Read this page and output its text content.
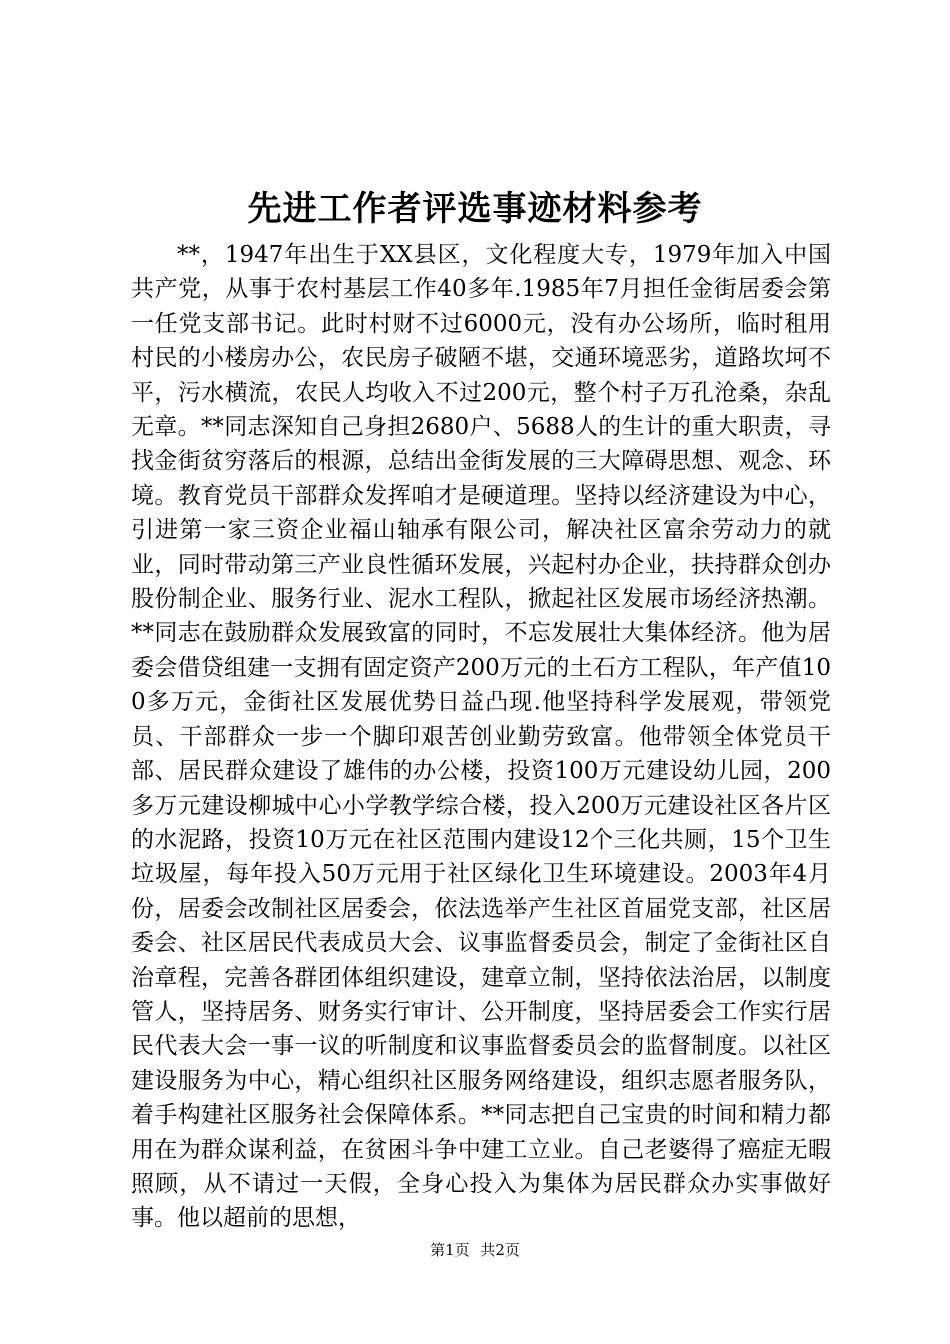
先进工作者评选事迹材料参考

**，1947年出生于XX县区，文化程度大专，1979年加入中国共产党，从事于农村基层工作40多年.1985年7月担任金街居委会第一任党支部书记。此时村财不过6000元，没有办公场所，临时租用村民的小楼房办公，农民房子破陋不堪，交通环境恶劣，道路坎坷不平，污水横流，农民人均收入不过200元，整个村子万孔沧桑，杂乱无章。**同志深知自己身担2680户、5688人的生计的重大职责，寻找金街贫穷落后的根源，总结出金街发展的三大障碍思想、观念、环境。教育党员干部群众发挥咱才是硬道理。坚持以经济建设为中心，引进第一家三资企业福山轴承有限公司，解决社区富余劳动力的就业，同时带动第三产业良性循环发展，兴起村办企业，扶持群众创办股份制企业、服务行业、泥水工程队，掀起社区发展市场经济热潮。**同志在鼓励群众发展致富的同时，不忘发展壮大集体经济。他为居委会借贷组建一支拥有固定资产200万元的土石方工程队，年产值100多万元，金街社区发展优势日益凸现.他坚持科学发展观，带领党员、干部群众一步一个脚印艰苦创业勤劳致富。他带领全体党员干部、居民群众建设了雄伟的办公楼，投资100万元建设幼儿园，200多万元建设柳城中心小学教学综合楼，投入200万元建设社区各片区的水泥路，投资10万元在社区范围内建设12个三化共厕，15个卫生垃圾屋，每年投入50万元用于社区绿化卫生环境建设。2003年4月份，居委会改制社区居委会，依法选举产生社区首届党支部，社区居委会、社区居民代表成员大会、议事监督委员会，制定了金街社区自治章程，完善各群团体组织建设，建章立制，坚持依法治居，以制度管人，坚持居务、财务实行审计、公开制度，坚持居委会工作实行居民代表大会一事一议的听制度和议事监督委员会的监督制度。以社区建设服务为中心，精心组织社区服务网络建设，组织志愿者服务队，着手构建社区服务社会保障体系。**同志把自己宝贵的时间和精力都用在为群众谋利益，在贫困斗争中建工立业。自己老婆得了癌症无暇照顾，从不请过一天假，全身心投入为集体为居民群众办实事做好事。他以超前的思想，

第1页 共2页
